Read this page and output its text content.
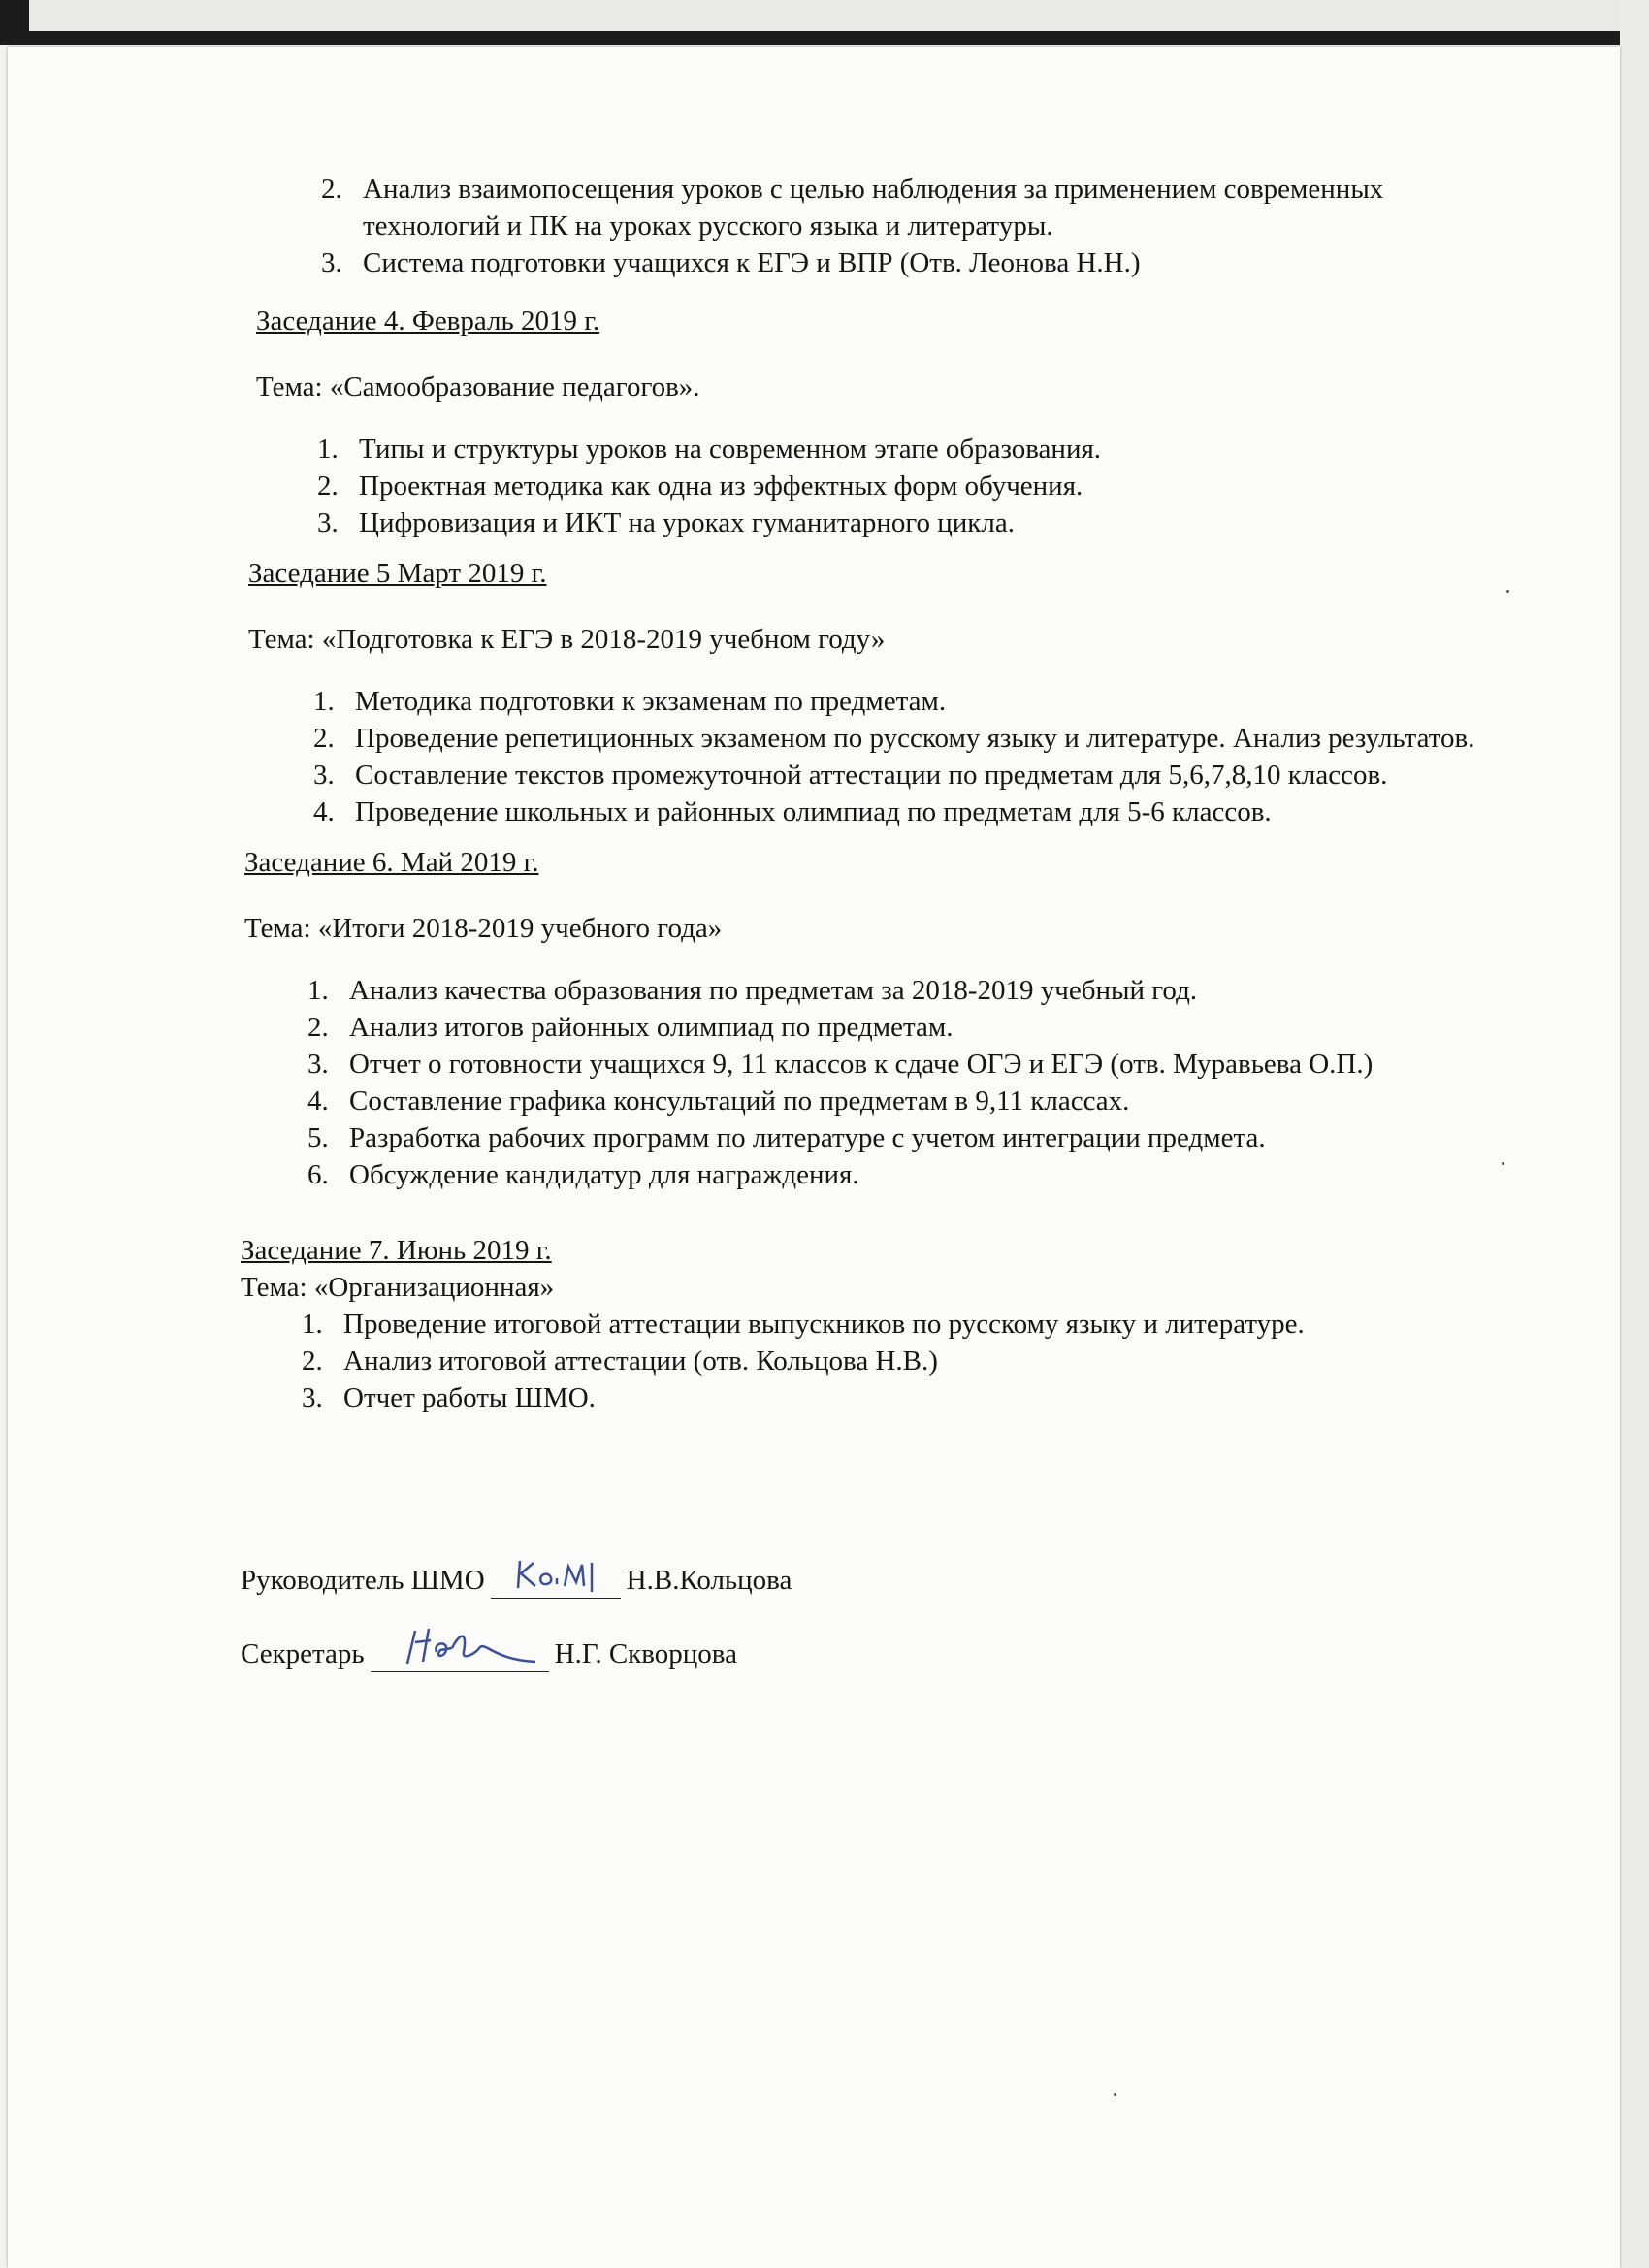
2. Анализ взаимопосещения уроков с целью наблюдения за применением современных технологий и ПК на уроках русского языка и литературы.
3. Система подготовки учащихся к ЕГЭ и ВПР (Отв. Леонова Н.Н.)
Заседание 4. Февраль 2019 г.
Тема: «Самообразование педагогов».
1. Типы и структуры уроков на современном этапе образования.
2. Проектная методика как одна из эффектных форм обучения.
3. Цифровизация и ИКТ на уроках гуманитарного цикла.
Заседание 5 Март 2019 г.
Тема: «Подготовка к ЕГЭ в 2018-2019 учебном году»
1. Методика подготовки к экзаменам по предметам.
2. Проведение репетиционных экзаменом по русскому языку и литературе. Анализ результатов.
3. Составление текстов промежуточной аттестации по предметам для 5,6,7,8,10 классов.
4. Проведение школьных и районных олимпиад по предметам для 5-6 классов.
Заседание 6. Май 2019 г.
Тема: «Итоги 2018-2019 учебного года»
1. Анализ качества образования по предметам за 2018-2019 учебный год.
2. Анализ итогов районных олимпиад по предметам.
3. Отчет о готовности учащихся 9, 11 классов к сдаче ОГЭ и ЕГЭ (отв. Муравьева О.П.)
4. Составление графика консультаций по предметам в 9,11 классах.
5. Разработка рабочих программ по литературе с учетом интеграции предмета.
6. Обсуждение кандидатур для награждения.
Заседание 7. Июнь 2019 г.
Тема: «Организационная»
1. Проведение итоговой аттестации выпускников по русскому языку и литературе.
2. Анализ итоговой аттестации (отв. Кольцова Н.В.)
3. Отчет работы ШМО.
Руководитель ШМО	Н.В.Кольцова
Секретарь	Н.Г. Скворцова
